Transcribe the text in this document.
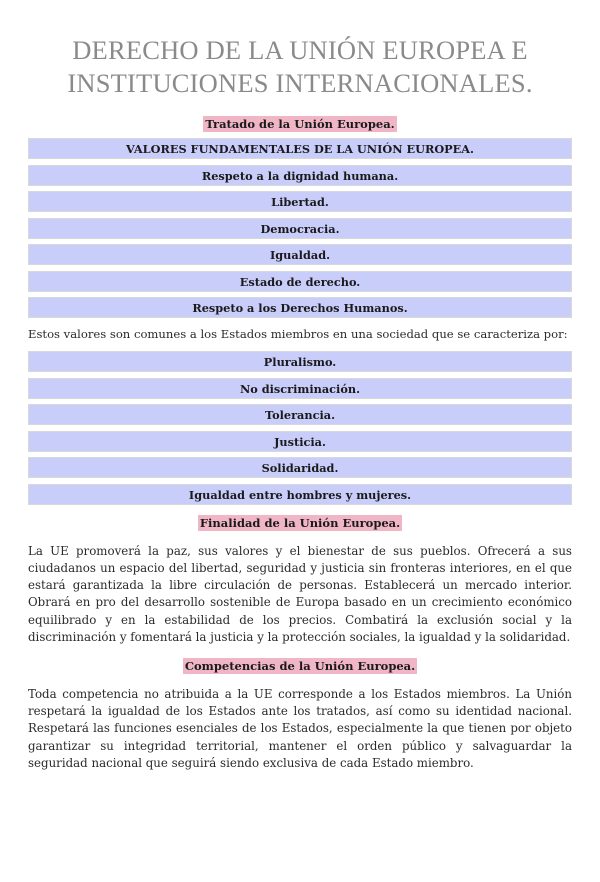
DERECHO DE LA UNIÓN EUROPEA E
INSTITUCIONES INTERNACIONALES.
Tratado de la Unión Europea.
VALORES FUNDAMENTALES DE LA UNIÓN EUROPEA.
Respeto a la dignidad humana.
Libertad.
Democracia.
Igualdad.
Estado de derecho.
Respeto a los Derechos Humanos.

Estos valores son comunes a los Estados miembros en una sociedad que se caracteriza por:

Pluralismo.
No discriminación.
Tolerancia.
Justicia.
Solidaridad.
Igualdad entre hombres y mujeres.
Finalidad de la Unión Europea.

La UE promoverá la paz, sus valores y el bienestar de sus pueblos. Ofrecerá a sus ciudadanos un espacio del libertad, seguridad y justicia sin fronteras interiores, en el que estará garantizada la libre circulación de personas. Establecerá un mercado interior. Obrará en pro del desarrollo sostenible de Europa basado en un crecimiento económico equilibrado y en la estabilidad de los precios. Combatirá la exclusión social y la discriminación y fomentará la justicia y la protección sociales, la igualdad y la solidaridad.

Competencias de la Unión Europea.

Toda competencia no atribuida a la UE corresponde a los Estados miembros. La Unión respetará la igualdad de los Estados ante los tratados, así como su identidad nacional. Respetará las funciones esenciales de los Estados, especialmente la que tienen por objeto garantizar su integridad territorial, mantener el orden público y salvaguardar la seguridad nacional que seguirá siendo exclusiva de cada Estado miembro.
